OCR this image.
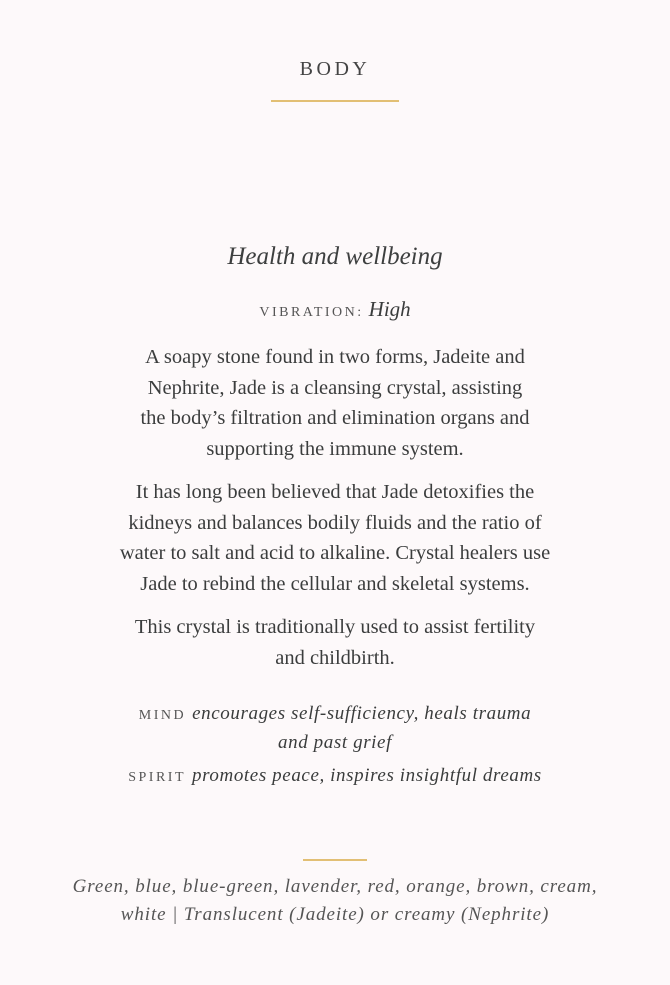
BODY
Health and wellbeing
VIBRATION: High

A soapy stone found in two forms, Jadeite and
Nephrite, Jade is a cleansing crystal, assisting
the body’s filtration and elimination organs and
supporting the immune system.

It has long been believed that Jade detoxifies the
kidneys and balances bodily fluids and the ratio of
water to salt and acid to alkaline. Crystal healers use
Jade to rebind the cellular and skeletal systems.

This crystal is traditionally used to assist fertility
and childbirth.

MIND encourages self-sufficiency, heals trauma
and past grief
SPIRIT promotes peace, inspires insightful dreams
Green, blue, blue-green, lavender, red, orange, brown, cream,
white | Translucent (Jadeite) or creamy (Nephrite)
